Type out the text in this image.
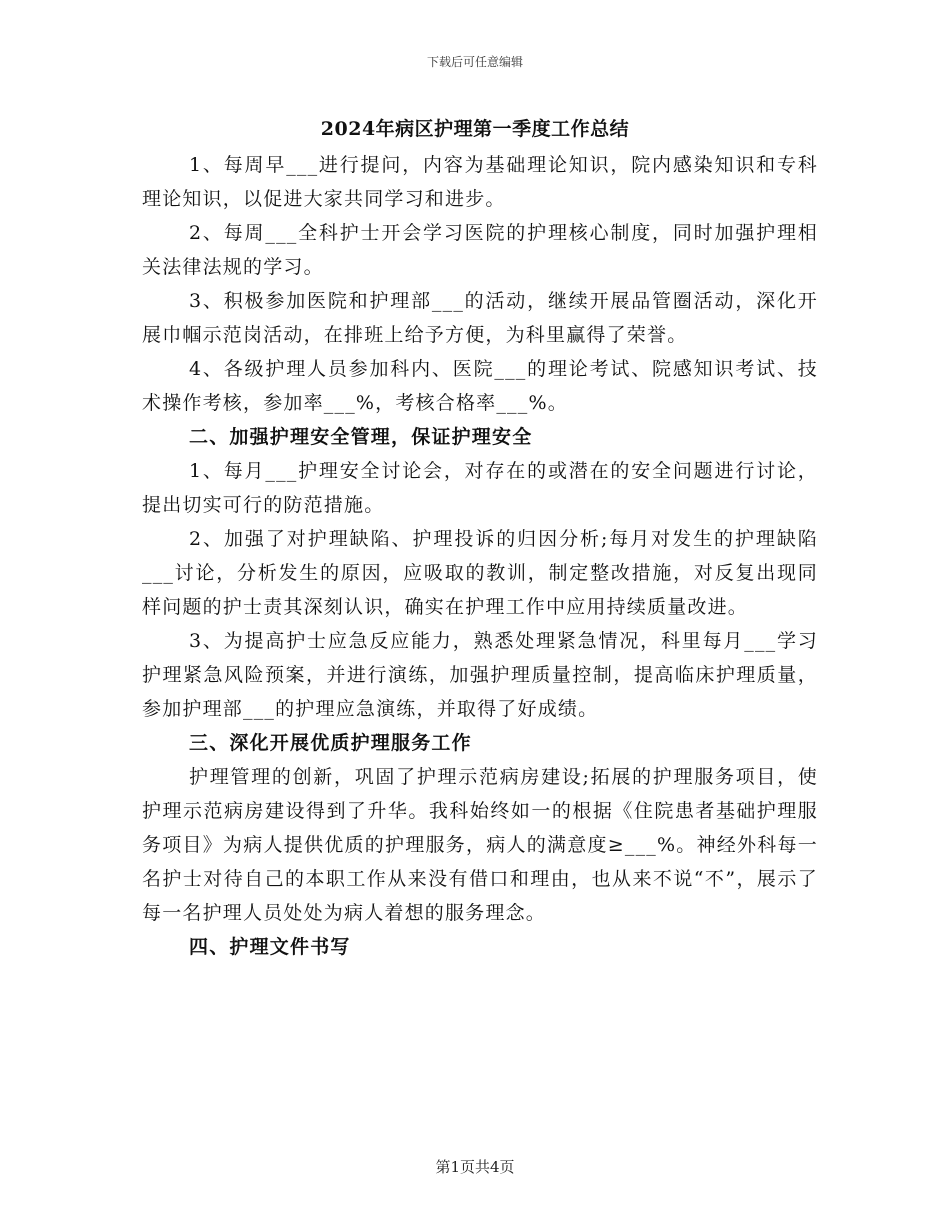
下载后可任意编辑
2024年病区护理第一季度工作总结

1、每周早___进行提问，内容为基础理论知识，院内感染知识和专科理论知识，以促进大家共同学习和进步。

2、每周___全科护士开会学习医院的护理核心制度，同时加强护理相关法律法规的学习。

3、积极参加医院和护理部___的活动，继续开展品管圈活动，深化开展巾帼示范岗活动，在排班上给予方便，为科里赢得了荣誉。

4、各级护理人员参加科内、医院___的理论考试、院感知识考试、技术操作考核，参加率___%，考核合格率___%。

二、加强护理安全管理，保证护理安全

1、每月___护理安全讨论会，对存在的或潜在的安全问题进行讨论，提出切实可行的防范措施。

2、加强了对护理缺陷、护理投诉的归因分析;每月对发生的护理缺陷___讨论，分析发生的原因，应吸取的教训，制定整改措施，对反复出现同样问题的护士责其深刻认识，确实在护理工作中应用持续质量改进。

3、为提高护士应急反应能力，熟悉处理紧急情况，科里每月___学习护理紧急风险预案，并进行演练，加强护理质量控制，提高临床护理质量，参加护理部___的护理应急演练，并取得了好成绩。

三、深化开展优质护理服务工作

护理管理的创新，巩固了护理示范病房建设;拓展的护理服务项目，使护理示范病房建设得到了升华。我科始终如一的根据《住院患者基础护理服务项目》为病人提供优质的护理服务，病人的满意度≥___%。神经外科每一名护士对待自己的本职工作从来没有借口和理由，也从来不说“不”，展示了每一名护理人员处处为病人着想的服务理念。

四、护理文件书写

第1页共4页
